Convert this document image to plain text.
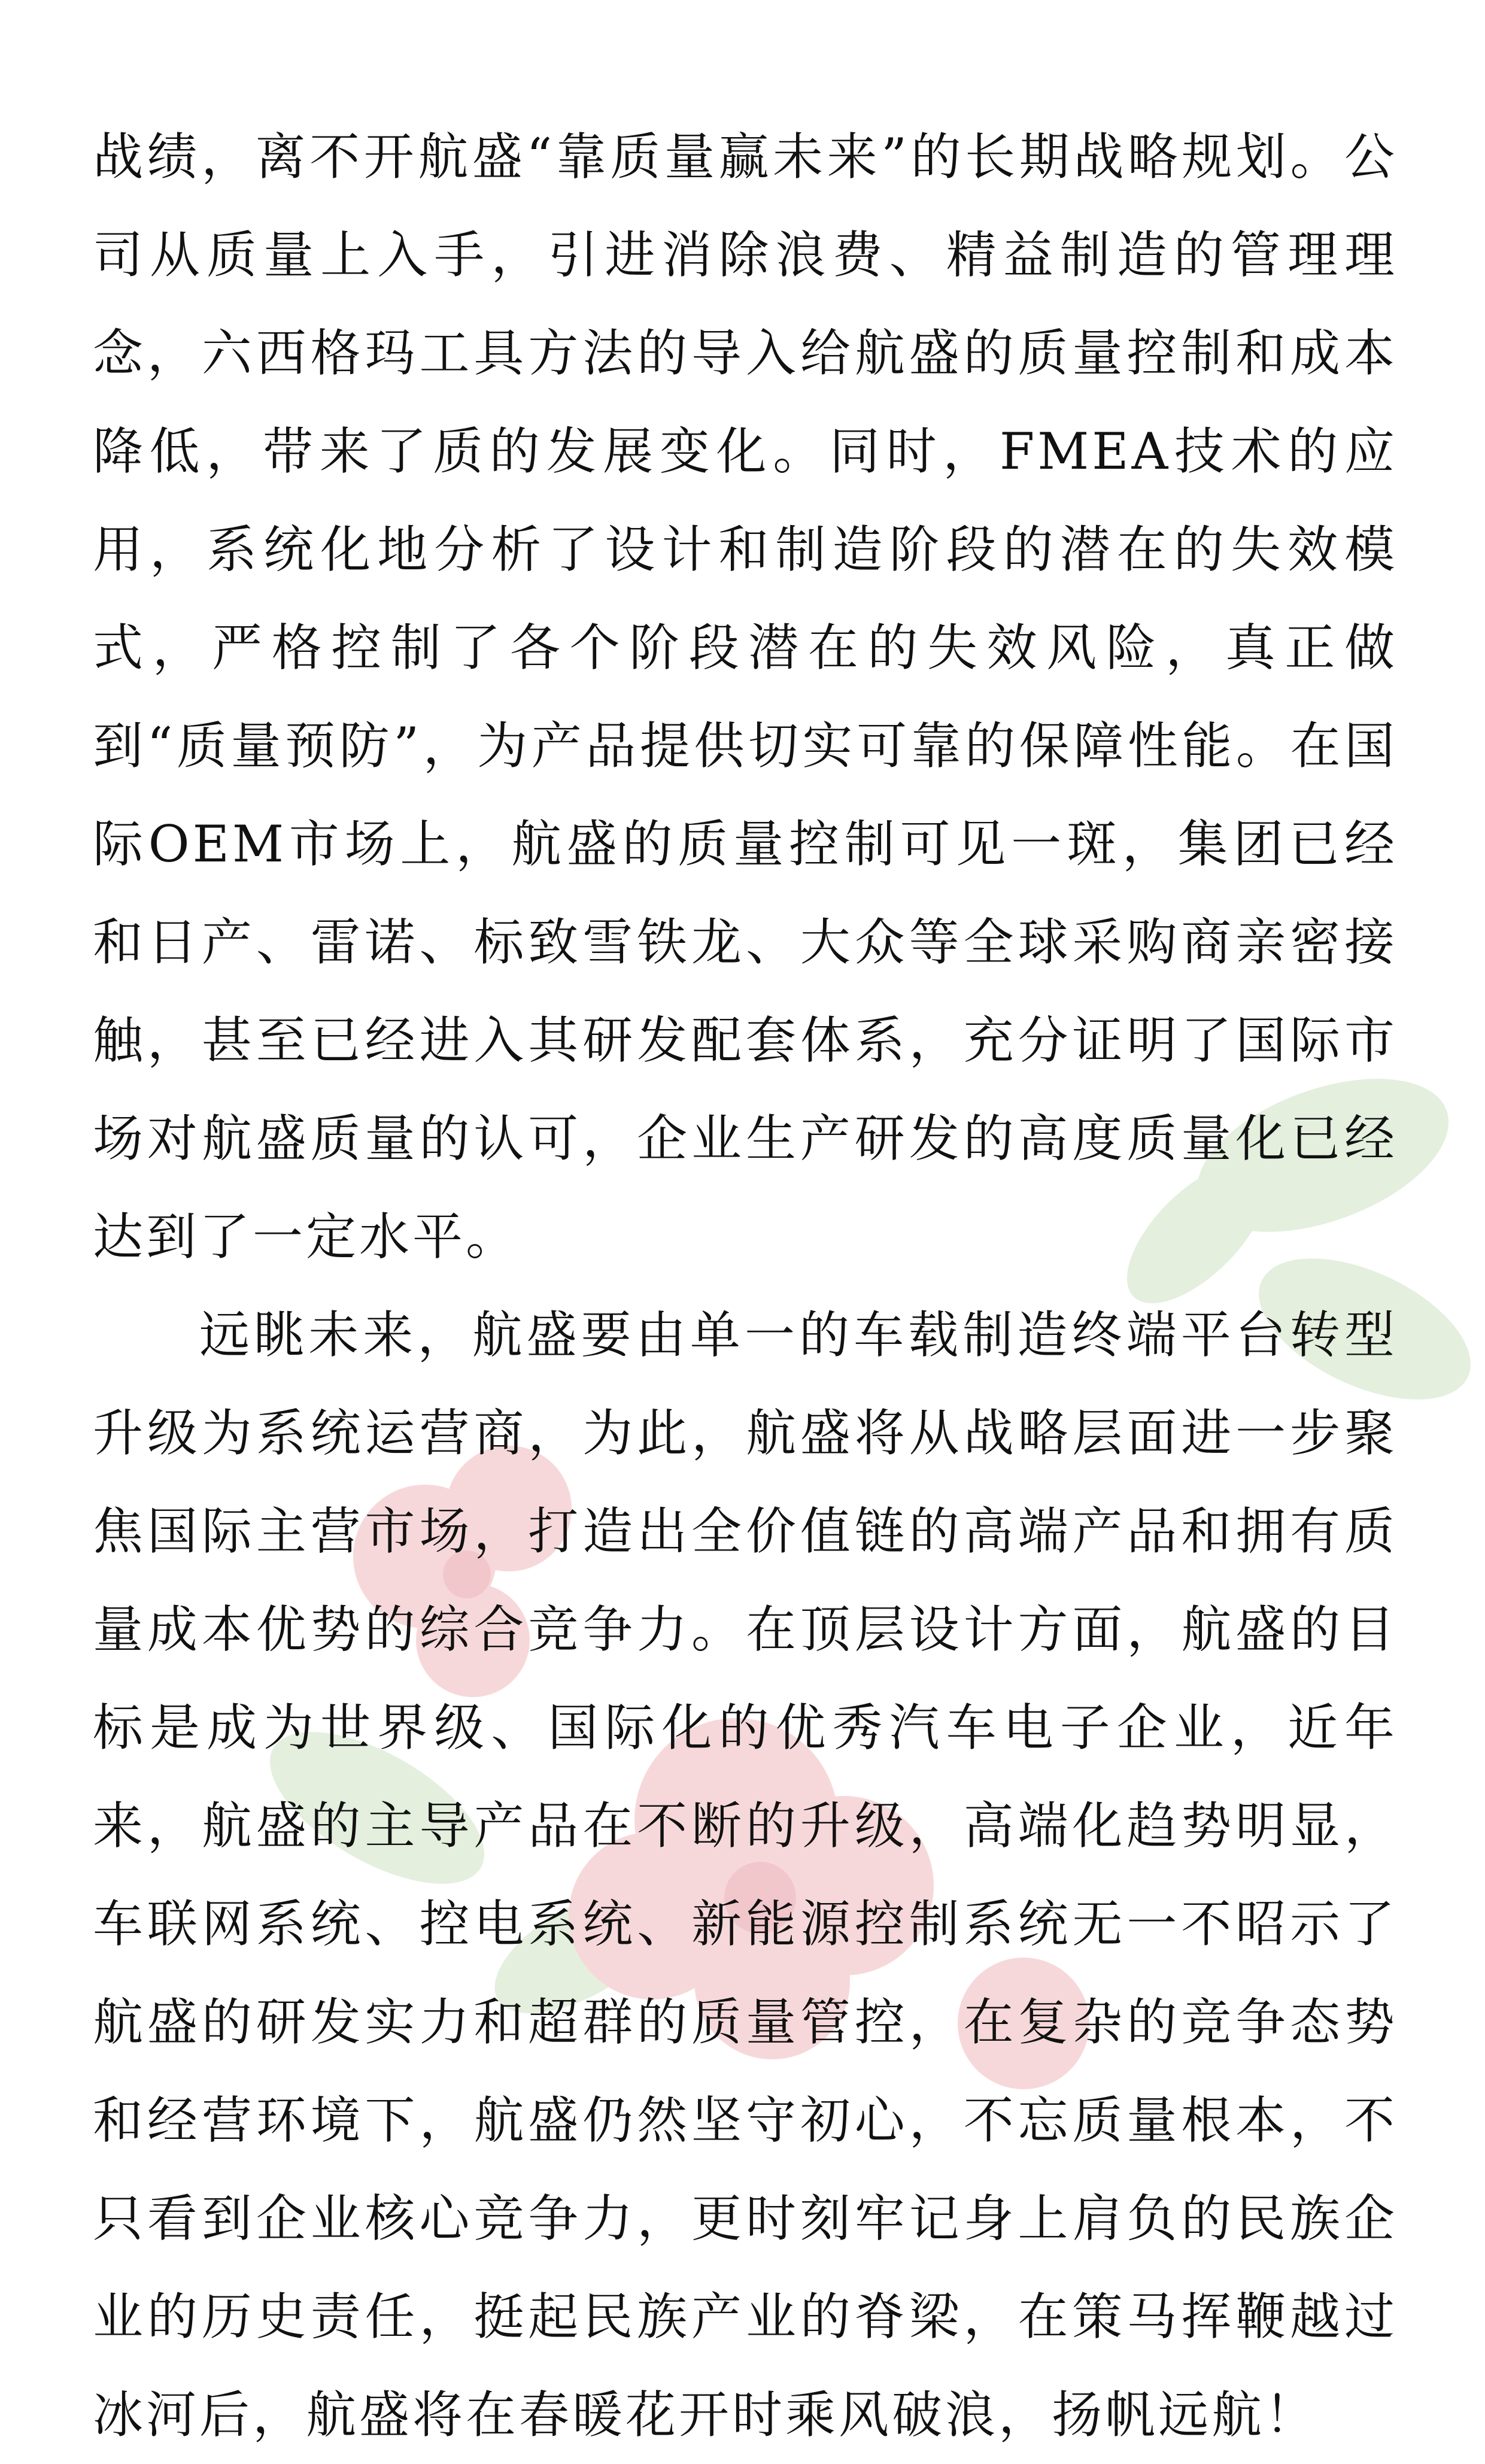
战绩，离不开航盛“靠质量赢未来”的长期战略规划。公司从质量上入手，引进消除浪费、精益制造的管理理念，六西格玛工具方法的导入给航盛的质量控制和成本降低，带来了质的发展变化。同时，FMEA技术的应用，系统化地分析了设计和制造阶段的潜在的失效模式，严格控制了各个阶段潜在的失效风险，真正做到“质量预防”，为产品提供切实可靠的保障性能。在国际OEM市场上，航盛的质量控制可见一斑，集团已经和日产、雷诺、标致雪铁龙、大众等全球采购商亲密接触，甚至已经进入其研发配套体系，充分证明了国际市场对航盛质量的认可，企业生产研发的高度质量化已经达到了一定水平。

远眺未来，航盛要由单一的车载制造终端平台转型升级为系统运营商，为此，航盛将从战略层面进一步聚焦国际主营市场，打造出全价值链的高端产品和拥有质量成本优势的综合竞争力。在顶层设计方面，航盛的目标是成为世界级、国际化的优秀汽车电子企业，近年来，航盛的主导产品在不断的升级，高端化趋势明显，车联网系统、控电系统、新能源控制系统无一不昭示了航盛的研发实力和超群的质量管控，在复杂的竞争态势和经营环境下，航盛仍然坚守初心，不忘质量根本，不只看到企业核心竞争力，更时刻牢记身上肩负的民族企业的历史责任，挺起民族产业的脊梁，在策马挥鞭越过冰河后，航盛将在春暖花开时乘风破浪，扬帆远航！
